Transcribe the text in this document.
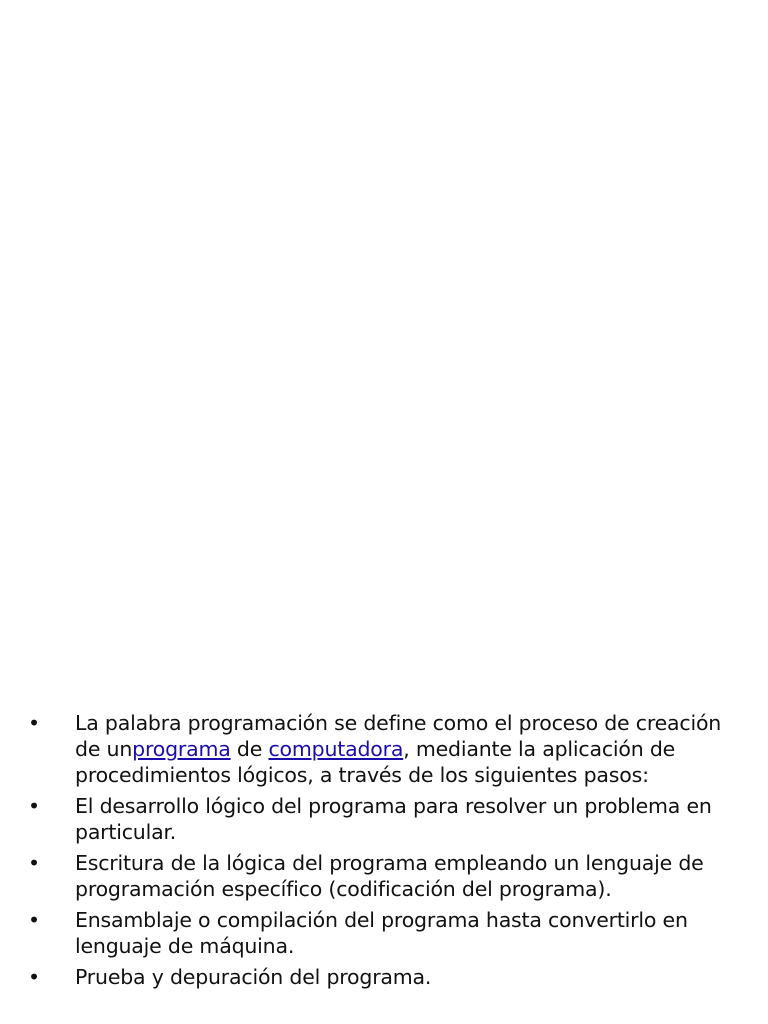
•	La palabra programación se define como el proceso de creación de unprograma de computadora, mediante la aplicación de procedimientos lógicos, a través de los siguientes pasos:
•	El desarrollo lógico del programa para resolver un problema en particular.
•	Escritura de la lógica del programa empleando un lenguaje de programación específico (codificación del programa).
•	Ensamblaje o compilación del programa hasta convertirlo en lenguaje de máquina.
•	Prueba y depuración del programa.
